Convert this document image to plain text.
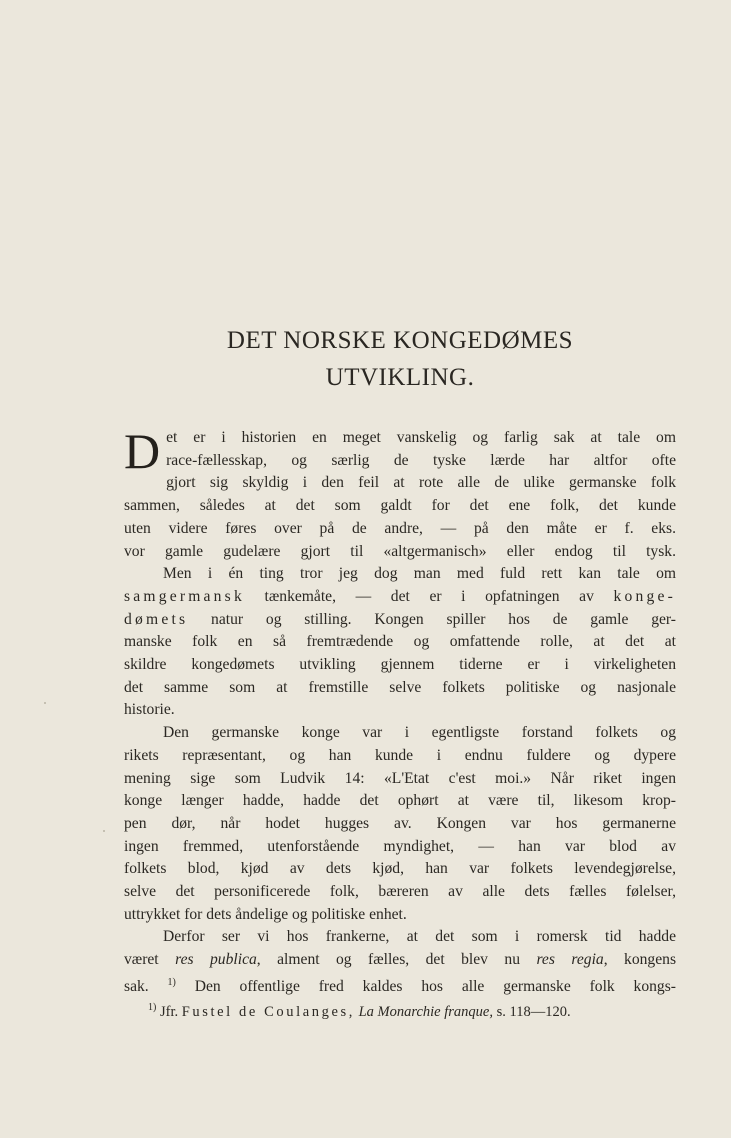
DET NORSKE KONGEDØMES
UTVIKLING.
D et er i historien en meget vanskelig og farlig sak at tale om
race-fællesskap, og særlig de tyske lærde har altfor ofte
gjort sig skyldig i den feil at rote alle de ulike germanske folk
sammen, således at det som galdt for det ene folk, det kunde
uten videre føres over på de andre, — på den måte er f. eks.
vor gamle gudelære gjort til «altgermanisch» eller endog til tysk.
Men i én ting tror jeg dog man med fuld rett kan tale om
samgermansk tænkemåte, — det er i opfatningen av konge-
dømets natur og stilling. Kongen spiller hos de gamle ger-
manske folk en så fremtrædende og omfattende rolle, at det at
skildre kongedømets utvikling gjennem tiderne er i virkeligheten
det samme som at fremstille selve folkets politiske og nasjonale
historie.
Den germanske konge var i egentligste forstand folkets og
rikets repræsentant, og han kunde i endnu fuldere og dypere
mening sige som Ludvik 14: «L'Etat c'est moi.» Når riket ingen
konge længer hadde, hadde det ophørt at være til, likesom krop-
pen dør, når hodet hugges av. Kongen var hos germanerne
ingen fremmed, utenforstående myndighet, — han var blod av
folkets blod, kjød av dets kjød, han var folkets levendegjørelse,
selve det personificerede folk, bæreren av alle dets fælles følelser,
uttrykket for dets åndelige og politiske enhet.
Derfor ser vi hos frankerne, at det som i romersk tid hadde
været res publica, alment og fælles, det blev nu res regia, kongens
sak. $^{1)}$ Den offentlige fred kaldes hos alle germanske folk kongs-
$^{1)}$ Jfr. Fustel de Coulanges, La Monarchie franque, s. 118—120.
